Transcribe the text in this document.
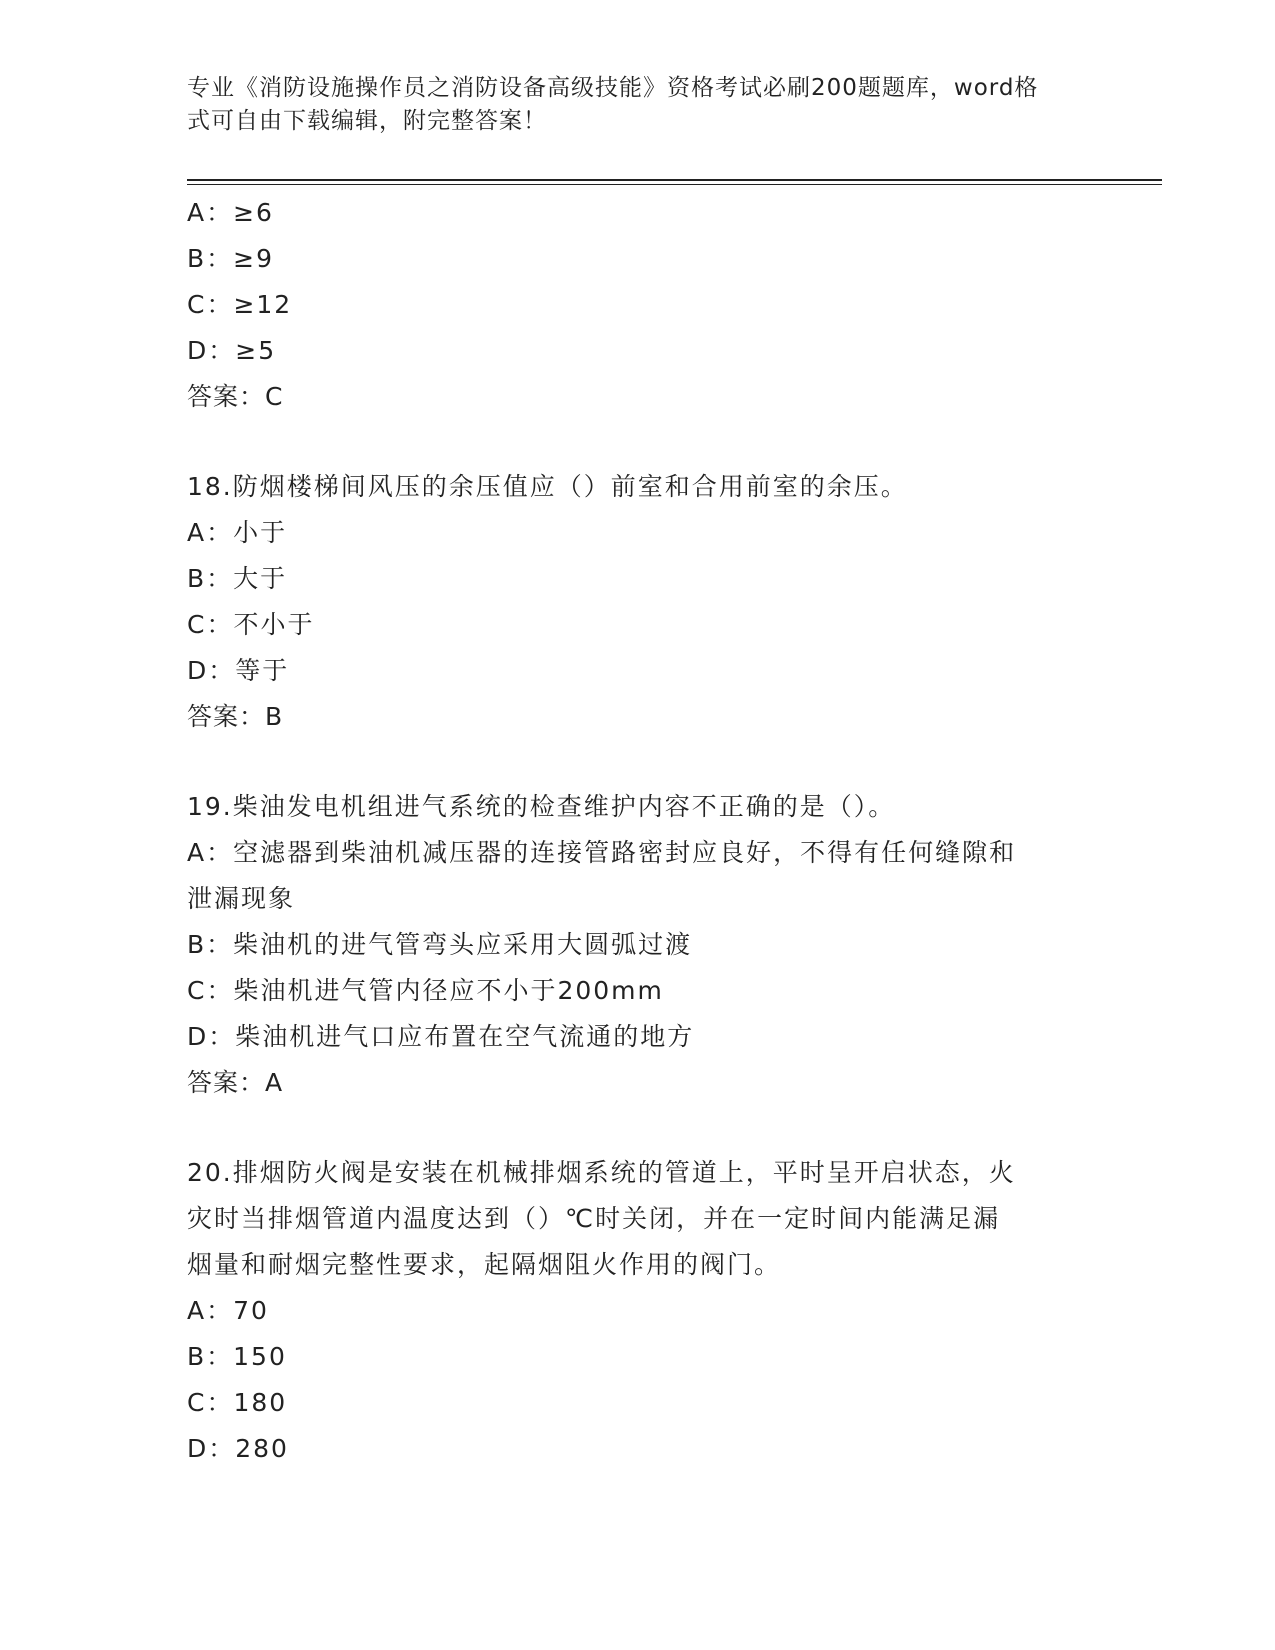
专业《消防设施操作员之消防设备高级技能》资格考试必刷200题题库，word格
式可自由下载编辑，附完整答案！

A：≥6

B：≥9

C：≥12

D：≥5

答案：C

18.防烟楼梯间风压的余压值应（）前室和合用前室的余压。

A：小于

B：大于

C：不小于

D：等于

答案：B

19.柴油发电机组进气系统的检查维护内容不正确的是（）。

A：空滤器到柴油机减压器的连接管路密封应良好，不得有任何缝隙和

泄漏现象

B：柴油机的进气管弯头应采用大圆弧过渡

C：柴油机进气管内径应不小于200mm

D：柴油机进气口应布置在空气流通的地方

答案：A

20.排烟防火阀是安装在机械排烟系统的管道上，平时呈开启状态，火

灾时当排烟管道内温度达到（）℃时关闭，并在一定时间内能满足漏

烟量和耐烟完整性要求，起隔烟阻火作用的阀门。

A：70

B：150

C：180

D：280
